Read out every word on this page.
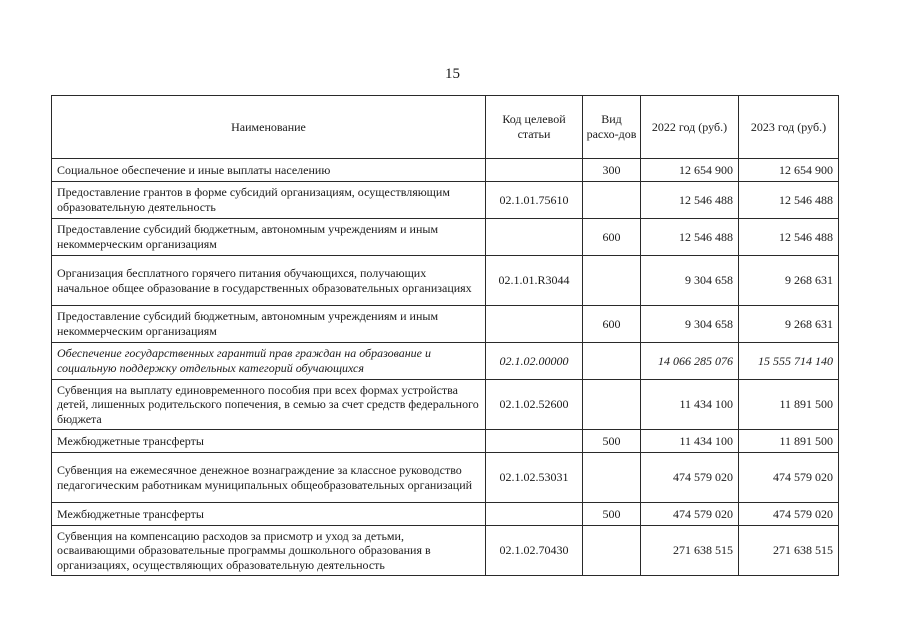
15
Наименование	Код целевой статьи	Вид расхо-дов	2022 год (руб.)	2023 год (руб.)
Социальное обеспечение и иные выплаты населению		300	12 654 900	12 654 900
Предоставление грантов в форме субсидий организациям, осуществляющим образовательную деятельность	02.1.01.75610		12 546 488	12 546 488
Предоставление субсидий бюджетным, автономным учреждениям и иным некоммерческим организациям		600	12 546 488	12 546 488
Организация бесплатного горячего питания обучающихся, получающих начальное общее образование в государственных образовательных организациях	02.1.01.R3044		9 304 658	9 268 631
Предоставление субсидий бюджетным, автономным учреждениям и иным некоммерческим организациям		600	9 304 658	9 268 631
Обеспечение государственных гарантий прав граждан на образование и социальную поддержку отдельных категорий обучающихся	02.1.02.00000		14 066 285 076	15 555 714 140
Субвенция на выплату единовременного пособия при всех формах устройства детей, лишенных родительского попечения, в семью за счет средств федерального бюджета	02.1.02.52600		11 434 100	11 891 500
Межбюджетные трансферты		500	11 434 100	11 891 500
Субвенция на ежемесячное денежное вознаграждение за классное руководство педагогическим работникам муниципальных общеобразовательных организаций	02.1.02.53031		474 579 020	474 579 020
Межбюджетные трансферты		500	474 579 020	474 579 020
Субвенция на компенсацию расходов за присмотр и уход за детьми, осваивающими образовательные программы дошкольного образования в организациях, осуществляющих образовательную деятельность	02.1.02.70430		271 638 515	271 638 515
